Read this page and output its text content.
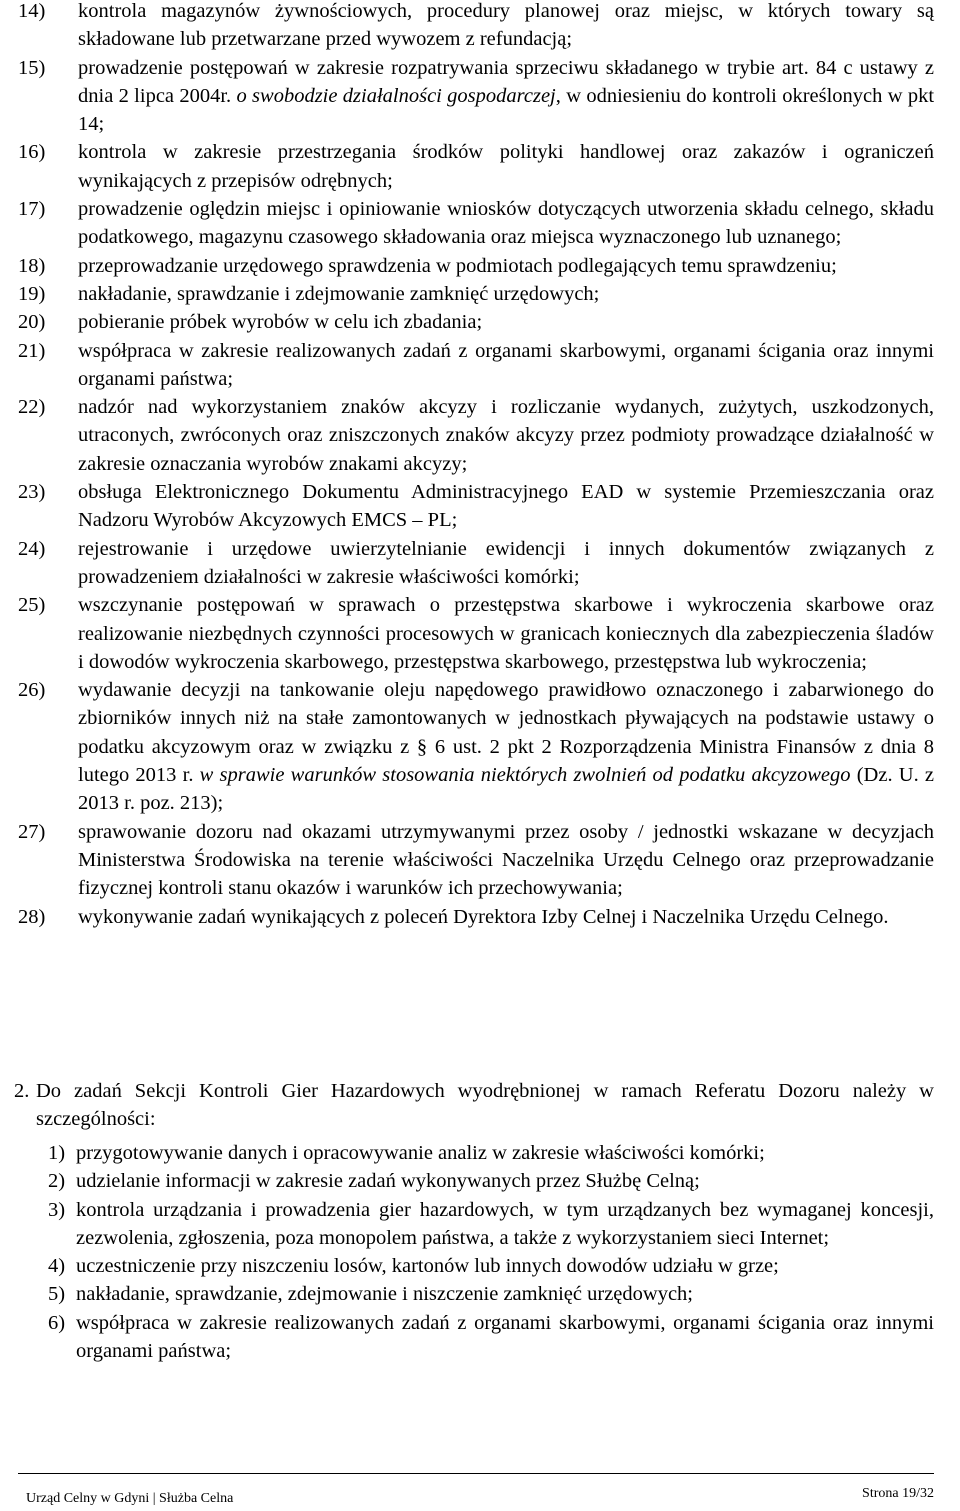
14)	kontrola magazynów żywnościowych, procedury planowej oraz miejsc, w których towary są składowane lub przetwarzane przed wywozem z refundacją;
15)	prowadzenie postępowań w zakresie rozpatrywania sprzeciwu składanego w trybie art. 84 c ustawy z dnia 2 lipca 2004r. o swobodzie działalności gospodarczej, w odniesieniu do kontroli określonych w pkt 14;
16)	kontrola w zakresie przestrzegania środków polityki handlowej oraz zakazów i ograniczeń wynikających z przepisów odrębnych;
17)	prowadzenie oględzin miejsc i opiniowanie wniosków dotyczących utworzenia składu celnego, składu podatkowego, magazynu czasowego składowania oraz miejsca wyznaczonego lub uznanego;
18)	przeprowadzanie urzędowego sprawdzenia w podmiotach podlegających temu sprawdzeniu;
19)	nakładanie, sprawdzanie i zdejmowanie zamknięć urzędowych;
20)	pobieranie próbek wyrobów w celu ich zbadania;
21)	współpraca w zakresie realizowanych zadań z organami skarbowymi, organami ścigania oraz innymi organami państwa;
22)	nadzór nad wykorzystaniem znaków akcyzy i rozliczanie wydanych, zużytych, uszkodzonych, utraconych, zwróconych oraz zniszczonych znaków akcyzy przez podmioty prowadzące działalność w zakresie oznaczania wyrobów znakami akcyzy;
23)	obsługa Elektronicznego Dokumentu Administracyjnego EAD w systemie Przemieszczania oraz Nadzoru Wyrobów Akcyzowych EMCS – PL;
24)	rejestrowanie i urzędowe uwierzytelnianie ewidencji i innych dokumentów związanych z prowadzeniem działalności w zakresie właściwości komórki;
25)	wszczynanie postępowań w sprawach o przestępstwa skarbowe i wykroczenia skarbowe oraz realizowanie niezbędnych czynności procesowych w granicach koniecznych dla zabezpieczenia śladów i dowodów wykroczenia skarbowego, przestępstwa skarbowego, przestępstwa lub wykroczenia;
26)	wydawanie decyzji na tankowanie oleju napędowego prawidłowo oznaczonego i zabarwionego do zbiorników innych niż na stałe zamontowanych w jednostkach pływających na podstawie ustawy o podatku akcyzowym oraz w związku z § 6 ust. 2 pkt 2 Rozporządzenia Ministra Finansów z dnia 8 lutego 2013 r. w sprawie warunków stosowania niektórych zwolnień od podatku akcyzowego (Dz. U. z 2013 r. poz. 213);
27)	sprawowanie dozoru nad okazami utrzymywanymi przez osoby / jednostki wskazane w decyzjach Ministerstwa Środowiska na terenie właściwości Naczelnika Urzędu Celnego oraz przeprowadzanie fizycznej kontroli stanu okazów i warunków ich przechowywania;
28)	wykonywanie zadań wynikających z poleceń Dyrektora Izby Celnej i Naczelnika Urzędu Celnego.
2. Do zadań Sekcji Kontroli Gier Hazardowych wyodrębnionej w ramach Referatu Dozoru należy w szczególności:
1) przygotowywanie danych i opracowywanie analiz w zakresie właściwości komórki;
2) udzielanie informacji w zakresie zadań wykonywanych przez Służbę Celną;
3) kontrola urządzania i prowadzenia gier hazardowych, w tym urządzanych bez wymaganej koncesji, zezwolenia, zgłoszenia, poza monopolem państwa, a także z wykorzystaniem sieci Internet;
4) uczestniczenie przy niszczeniu losów, kartonów lub innych dowodów udziału w grze;
5) nakładanie, sprawdzanie, zdejmowanie i niszczenie zamknięć urzędowych;
6) współpraca w zakresie realizowanych zadań z organami skarbowymi, organami ścigania oraz innymi organami państwa;
Urząd Celny w Gdyni | Służba Celna	Strona 19/32
